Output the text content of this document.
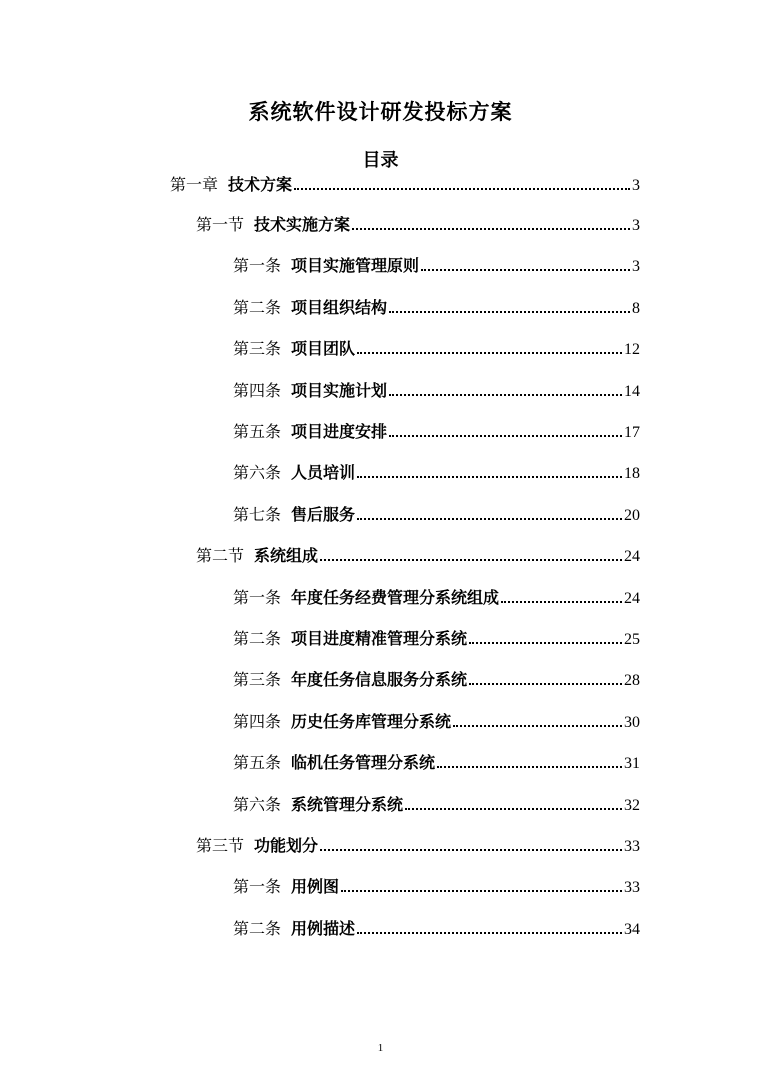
系统软件设计研发投标方案
目录
第一章 技术方案	3
第一节 技术实施方案	3
第一条 项目实施管理原则	3
第二条 项目组织结构	8
第三条 项目团队	12
第四条 项目实施计划	14
第五条 项目进度安排	17
第六条 人员培训	18
第七条 售后服务	20
第二节 系统组成	24
第一条 年度任务经费管理分系统组成	24
第二条 项目进度精准管理分系统	25
第三条 年度任务信息服务分系统	28
第四条 历史任务库管理分系统	30
第五条 临机任务管理分系统	31
第六条 系统管理分系统	32
第三节 功能划分	33
第一条 用例图	33
第二条 用例描述	34
1
